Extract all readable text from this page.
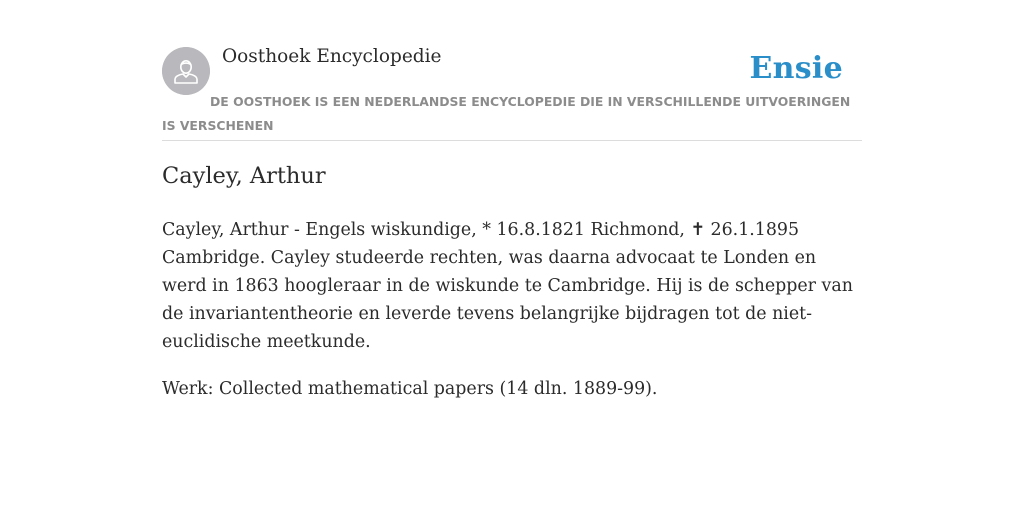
Oosthoek Encyclopedie	Ensie
DE OOSTHOEK IS EEN NEDERLANDSE ENCYCLOPEDIE DIE IN VERSCHILLENDE UITVOERINGEN IS VERSCHENEN
Cayley, Arthur

Cayley, Arthur - Engels wiskundige, * 16.8.1821 Richmond, ✝ 26.1.1895 Cambridge. Cayley studeerde rechten, was daarna advocaat te Londen en werd in 1863 hoogleraar in de wiskunde te Cambridge. Hij is de schepper van de invariantentheorie en leverde tevens belangrijke bijdragen tot de niet-euclidische meetkunde.

Werk: Collected mathematical papers (14 dln. 1889-99).
